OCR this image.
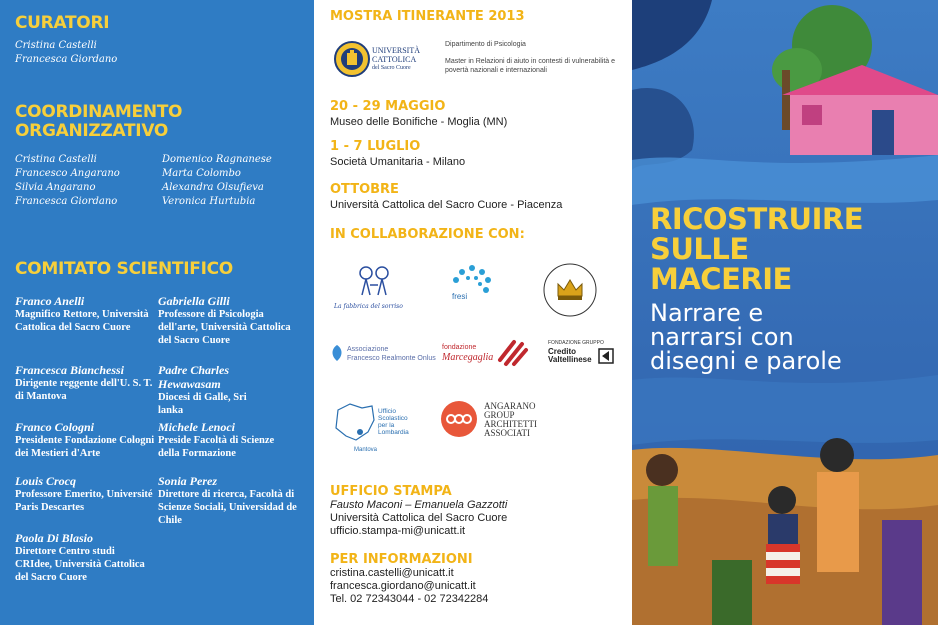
CURATORI
Cristina Castelli
Francesca Giordano
COORDINAMENTO
ORGANIZZATIVO
Cristina Castelli
Francesco Angarano
Silvia Angarano
Francesca Giordano
Domenico Ragnanese
Marta Colombo
Alexandra Olsufieva
Veronica Hurtubia
COMITATO SCIENTIFICO
Franco Anelli
Magnifico Rettore, Università Cattolica del Sacro Cuore
Gabriella Gilli
Professore di Psicologia dell'arte, Università Cattolica del Sacro Cuore
Francesca Bianchessi
Dirigente reggente dell'U. S. T. di Mantova
Padre Charles Hewawasam
Diocesi di Galle, Sri lanka
Franco Cologni
Presidente Fondazione Cologni dei Mestieri d'Arte
Michele Lenoci
Preside Facoltà di Scienze della Formazione
Louis Crocq
Professore Emerito, Université Paris Descartes
Sonia Perez
Direttore di ricerca, Facoltà di Scienze Sociali, Universidad de Chile
Paola Di Blasio
Direttore Centro studi CRIdee, Università Cattolica del Sacro Cuore
MOSTRA ITINERANTE 2013
UNIVERSITÀ
CATTOLICA
del Sacro Cuore
Dipartimento di Psicologia
Master in Relazioni di aiuto in contesti di vulnerabilità e povertà nazionali e internazionali
20 - 29 MAGGIO
Museo delle Bonifiche - Moglia (MN)
1 - 7 LUGLIO
Società Umanitaria - Milano
OTTOBRE
Università Cattolica del Sacro Cuore - Piacenza
IN COLLABORAZIONE CON:
La fabbrica del sorriso
fresi
Associazione
Francesco Realmonte Onlus
fondazione
Marcegaglia
FONDAZIONE GRUPPO
Credito
Valtellinese
Ufficio
Scolastico
per la
Lombardia
Mantova
ANGARANO
GROUP
ARCHITETTI
ASSOCIATI
UFFICIO STAMPA
Fausto Maconi – Emanuela Gazzotti
Università Cattolica del Sacro Cuore
ufficio.stampa-mi@unicatt.it
PER INFORMAZIONI
cristina.castelli@unicatt.it
francesca.giordano@unicatt.it
Tel. 02 72343044 - 02 72342284
RICOSTRUIRE
SULLE
MACERIE
Narrare e
narrarsi con
disegni e parole
